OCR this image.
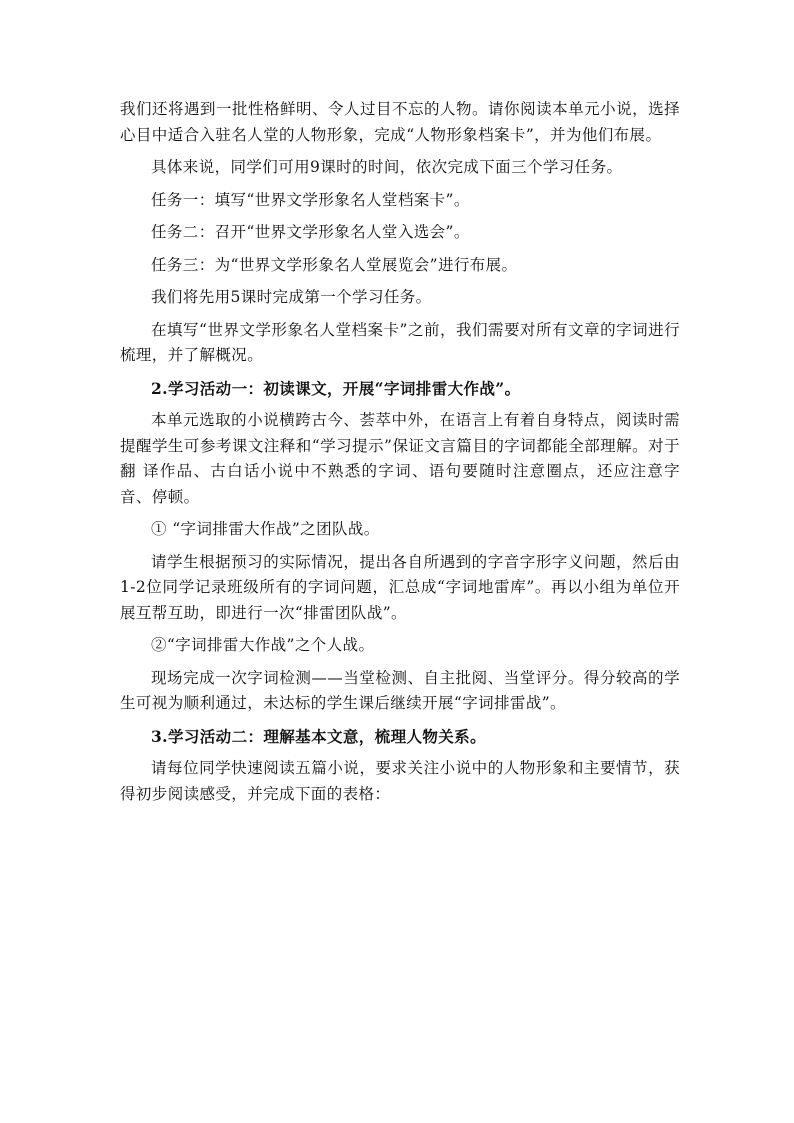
我们还将遇到一批性格鲜明、令人过目不忘的人物。请你阅读本单元小说，选择心目中适合入驻名人堂的人物形象，完成“人物形象档案卡”，并为他们布展。

具体来说，同学们可用9课时的时间，依次完成下面三个学习任务。

任务一：填写“世界文学形象名人堂档案卡”。

任务二：召开“世界文学形象名人堂入选会”。

任务三：为“世界文学形象名人堂展览会”进行布展。

我们将先用5课时完成第一个学习任务。

在填写“世界文学形象名人堂档案卡”之前，我们需要对所有文章的字词进行梳理，并了解概况。

2.学习活动一：初读课文，开展“字词排雷大作战”。

本单元选取的小说横跨古今、荟萃中外，在语言上有着自身特点，阅读时需提醒学生可参考课文注释和“学习提示”保证文言篇目的字词都能全部理解。对于翻 译作品、古白话小说中不熟悉的字词、语句要随时注意圈点，还应注意字音、停顿。

① “字词排雷大作战”之团队战。

请学生根据预习的实际情况，提出各自所遇到的字音字形字义问题，然后由1-2位同学记录班级所有的字词问题，汇总成“字词地雷库”。再以小组为单位开展互帮互助，即进行一次“排雷团队战”。

②“字词排雷大作战”之个人战。

现场完成一次字词检测——当堂检测、自主批阅、当堂评分。得分较高的学生可视为顺利通过，未达标的学生课后继续开展“字词排雷战”。

3.学习活动二：理解基本文意，梳理人物关系。

请每位同学快速阅读五篇小说，要求关注小说中的人物形象和主要情节，获得初步阅读感受，并完成下面的表格：
